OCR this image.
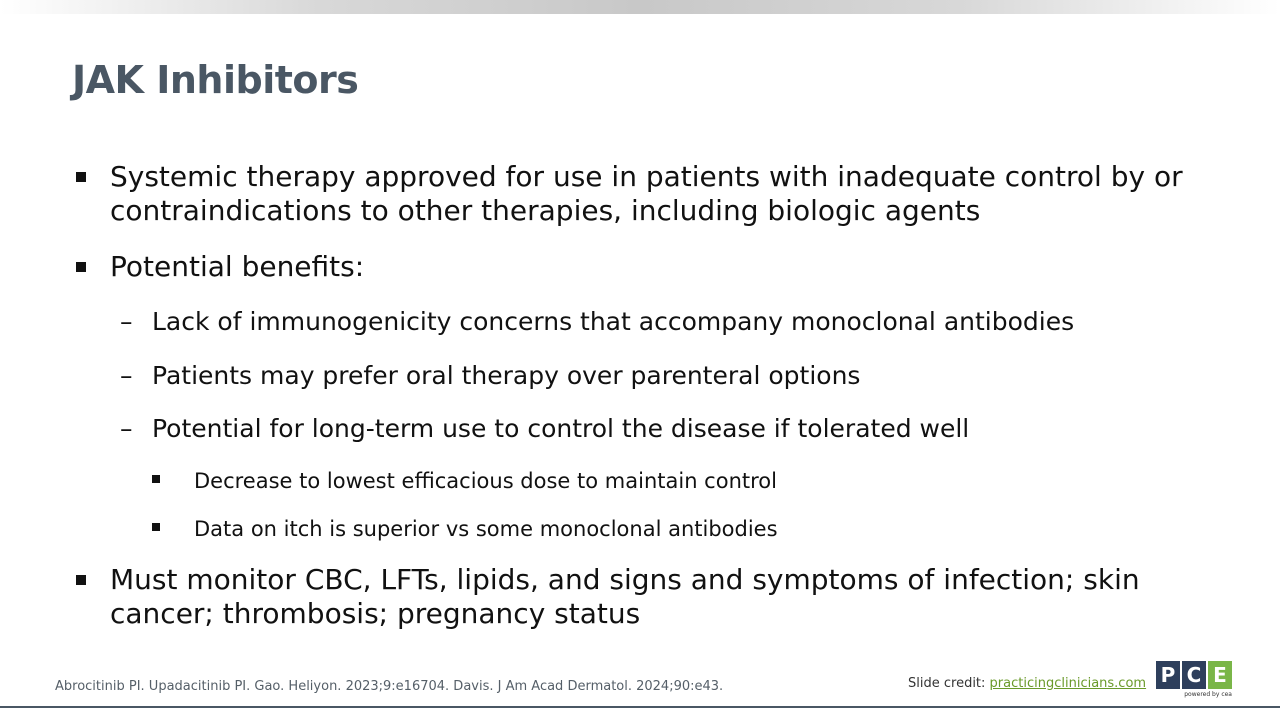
JAK Inhibitors
Systemic therapy approved for use in patients with inadequate control by or contraindications to other therapies, including biologic agents
Potential benefits:
– Lack of immunogenicity concerns that accompany monoclonal antibodies
– Patients may prefer oral therapy over parenteral options
– Potential for long-term use to control the disease if tolerated well
Decrease to lowest efficacious dose to maintain control
Data on itch is superior vs some monoclonal antibodies
Must monitor CBC, LFTs, lipids, and signs and symptoms of infection; skin cancer; thrombosis; pregnancy status
Abrocitinib PI. Upadacitinib PI. Gao. Heliyon. 2023;9:e16704. Davis. J Am Acad Dermatol. 2024;90:e43.	Slide credit: practicingclinicians.com P C E
powered by cea
